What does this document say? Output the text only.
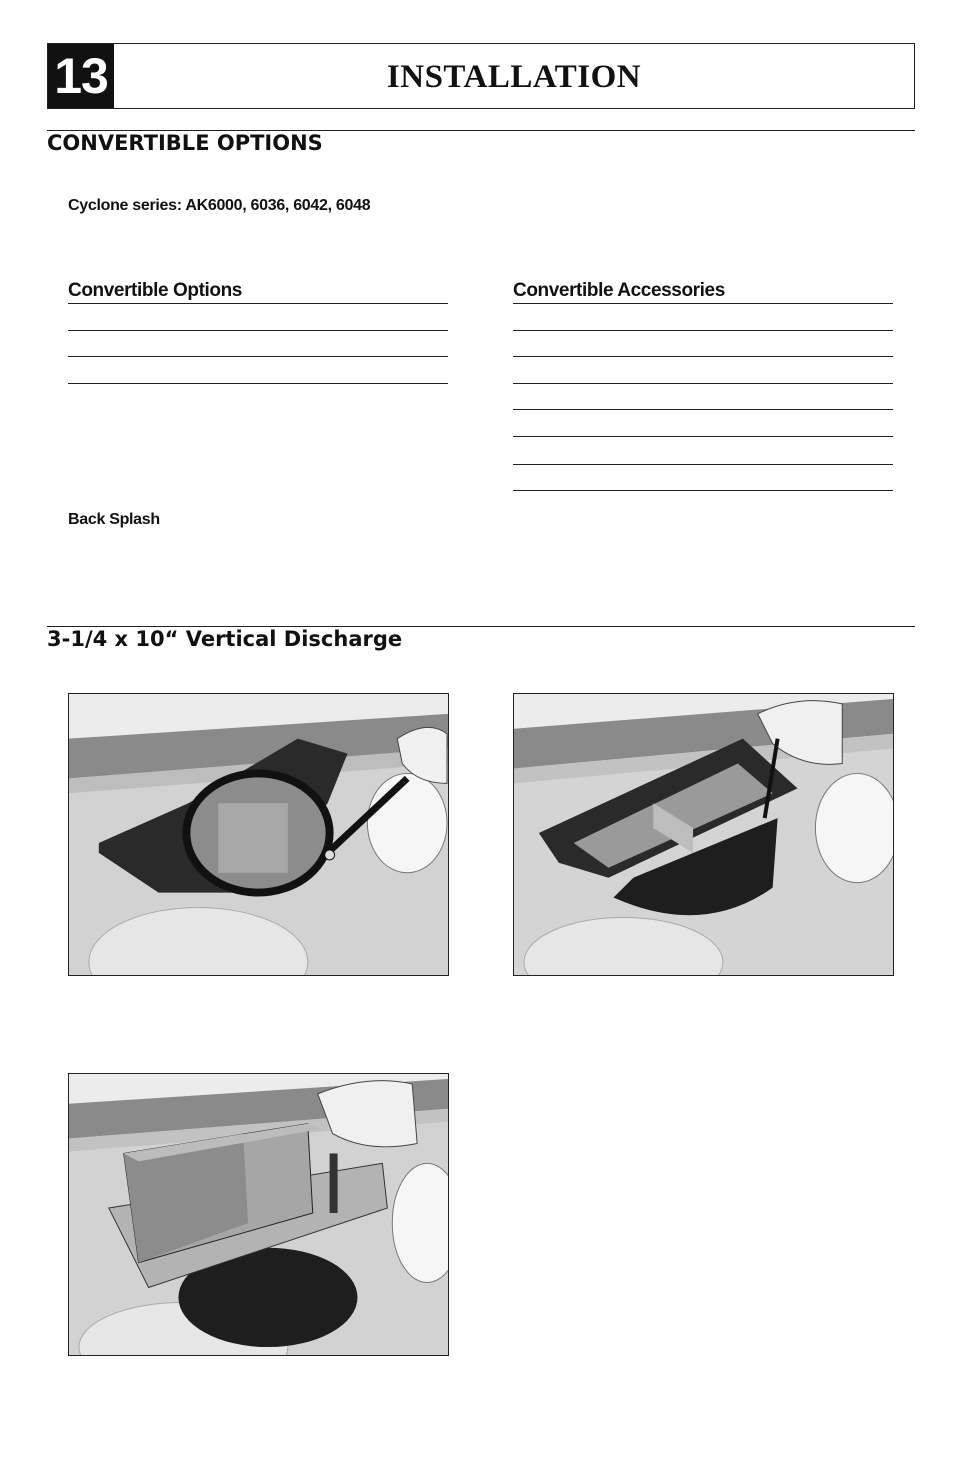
13	INSTALLATION
CONVERTIBLE OPTIONS
Cyclone series: AK6000, 6036, 6042, 6048
Convertible Options	Convertible Accessories
Back Splash
3-1/4 x 10“ Vertical Discharge
